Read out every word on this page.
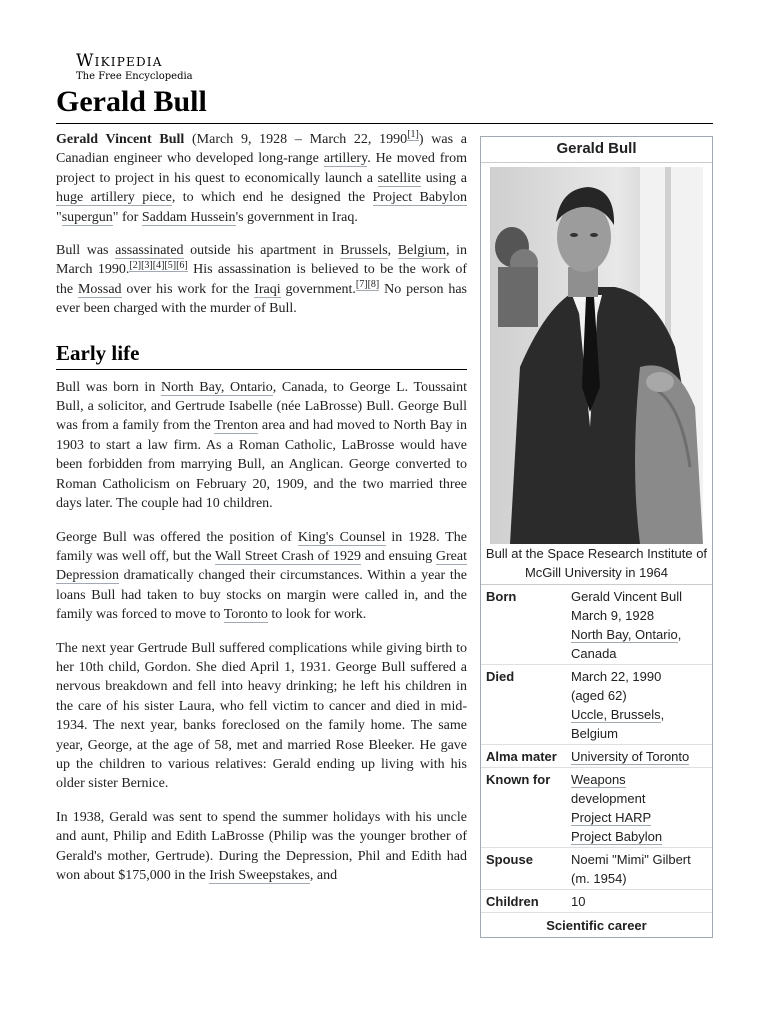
Wikipedia
The Free Encyclopedia
Gerald Bull

Gerald Vincent Bull (March 9, 1928 – March 22, 1990[1]) was a Canadian engineer who developed long-range artillery. He moved from project to project in his quest to economically launch a satellite using a huge artillery piece, to which end he designed the Project Babylon "supergun" for Saddam Hussein's government in Iraq.

Bull was assassinated outside his apartment in Brussels, Belgium, in March 1990.[2][3][4][5][6] His assassination is believed to be the work of the Mossad over his work for the Iraqi government.[7][8] No person has ever been charged with the murder of Bull.

Early life

Bull was born in North Bay, Ontario, Canada, to George L. Toussaint Bull, a solicitor, and Gertrude Isabelle (née LaBrosse) Bull. George Bull was from a family from the Trenton area and had moved to North Bay in 1903 to start a law firm. As a Roman Catholic, LaBrosse would have been forbidden from marrying Bull, an Anglican. George converted to Roman Catholicism on February 20, 1909, and the two married three days later. The couple had 10 children.

George Bull was offered the position of King's Counsel in 1928. The family was well off, but the Wall Street Crash of 1929 and ensuing Great Depression dramatically changed their circumstances. Within a year the loans Bull had taken to buy stocks on margin were called in, and the family was forced to move to Toronto to look for work.

The next year Gertrude Bull suffered complications while giving birth to her 10th child, Gordon. She died April 1, 1931. George Bull suffered a nervous breakdown and fell into heavy drinking; he left his children in the care of his sister Laura, who fell victim to cancer and died in mid-1934. The next year, banks foreclosed on the family home. The same year, George, at the age of 58, met and married Rose Bleeker. He gave up the children to various relatives: Gerald ending up living with his older sister Bernice.

In 1938, Gerald was sent to spend the summer holidays with his uncle and aunt, Philip and Edith LaBrosse (Philip was the younger brother of Gerald's mother, Gertrude). During the Depression, Phil and Edith had won about $175,000 in the Irish Sweepstakes, and

Gerald Bull
Bull at the Space Research Institute of McGill University in 1964
Born	Gerald Vincent Bull
March 9, 1928
North Bay, Ontario,
Canada
Died	March 22, 1990
(aged 62)
Uccle, Brussels,
Belgium
Alma mater	University of Toronto
Known for	Weapons
development
Project HARP
Project Babylon
Spouse	Noemi "Mimi" Gilbert
(m. 1954)
Children	10
Scientific career
